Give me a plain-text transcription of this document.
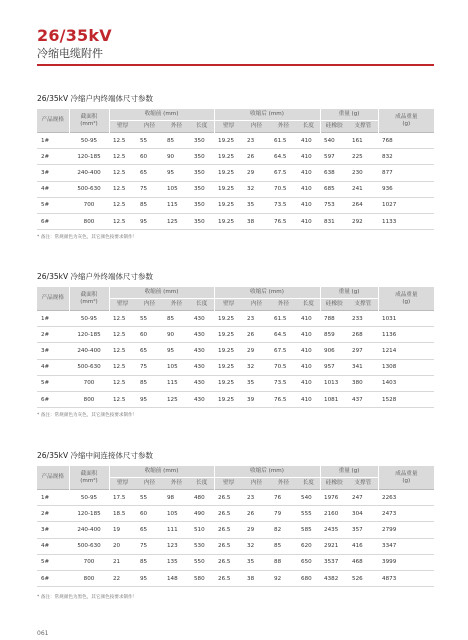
26/35kV
冷缩电缆附件
26/35kV 冷缩户内终端体尺寸参数
产品规格	截面积
(mm²)	收缩前 (mm)				收缩后 (mm)				重量 (g)		成品重量
(g)
		壁厚	内径	外径	长度	壁厚	内径	外径	长度	硅橡胶	支撑管	
1#	50-95	12.5	55	85	350	19.25	23	61.5	410	540	161	768
2#	120-185	12.5	60	90	350	19.25	26	64.5	410	597	225	832
3#	240-400	12.5	65	95	350	19.25	29	67.5	410	638	230	877
4#	500-630	12.5	75	105	350	19.25	32	70.5	410	685	241	936
5#	700	12.5	85	115	350	19.25	35	73.5	410	753	264	1027
6#	800	12.5	95	125	350	19.25	38	76.5	410	831	292	1133
* 备注：常规颜色为灰色，其它颜色按要求制作！
26/35kV 冷缩户外终端体尺寸参数
产品规格	截面积
(mm²)	收缩前 (mm)				收缩后 (mm)				重量 (g)		成品重量
(g)
		壁厚	内径	外径	长度	壁厚	内径	外径	长度	硅橡胶	支撑管	
1#	50-95	12.5	55	85	430	19.25	23	61.5	410	788	233	1031
2#	120-185	12.5	60	90	430	19.25	26	64.5	410	859	268	1136
3#	240-400	12.5	65	95	430	19.25	29	67.5	410	906	297	1214
4#	500-630	12.5	75	105	430	19.25	32	70.5	410	957	341	1308
5#	700	12.5	85	115	430	19.25	35	73.5	410	1013	380	1403
6#	800	12.5	95	125	430	19.25	39	76.5	410	1081	437	1528
* 备注：常规颜色为灰色，其它颜色按要求制作！
26/35kV 冷缩中间连接体尺寸参数
产品规格	截面积
(mm²)	收缩前 (mm)				收缩后 (mm)				重量 (g)		成品重量
(g)
		壁厚	内径	外径	长度	壁厚	内径	外径	长度	硅橡胶	支撑管	
1#	50-95	17.5	55	98	480	26.5	23	76	540	1976	247	2263
2#	120-185	18.5	60	105	490	26.5	26	79	555	2160	304	2473
3#	240-400	19	65	111	510	26.5	29	82	585	2435	357	2799
4#	500-630	20	75	123	530	26.5	32	85	620	2921	416	3347
5#	700	21	85	135	550	26.5	35	88	650	3537	468	3999
6#	800	22	95	148	580	26.5	38	92	680	4382	526	4873
* 备注：常规颜色为黑色，其它颜色按要求制作！
061
